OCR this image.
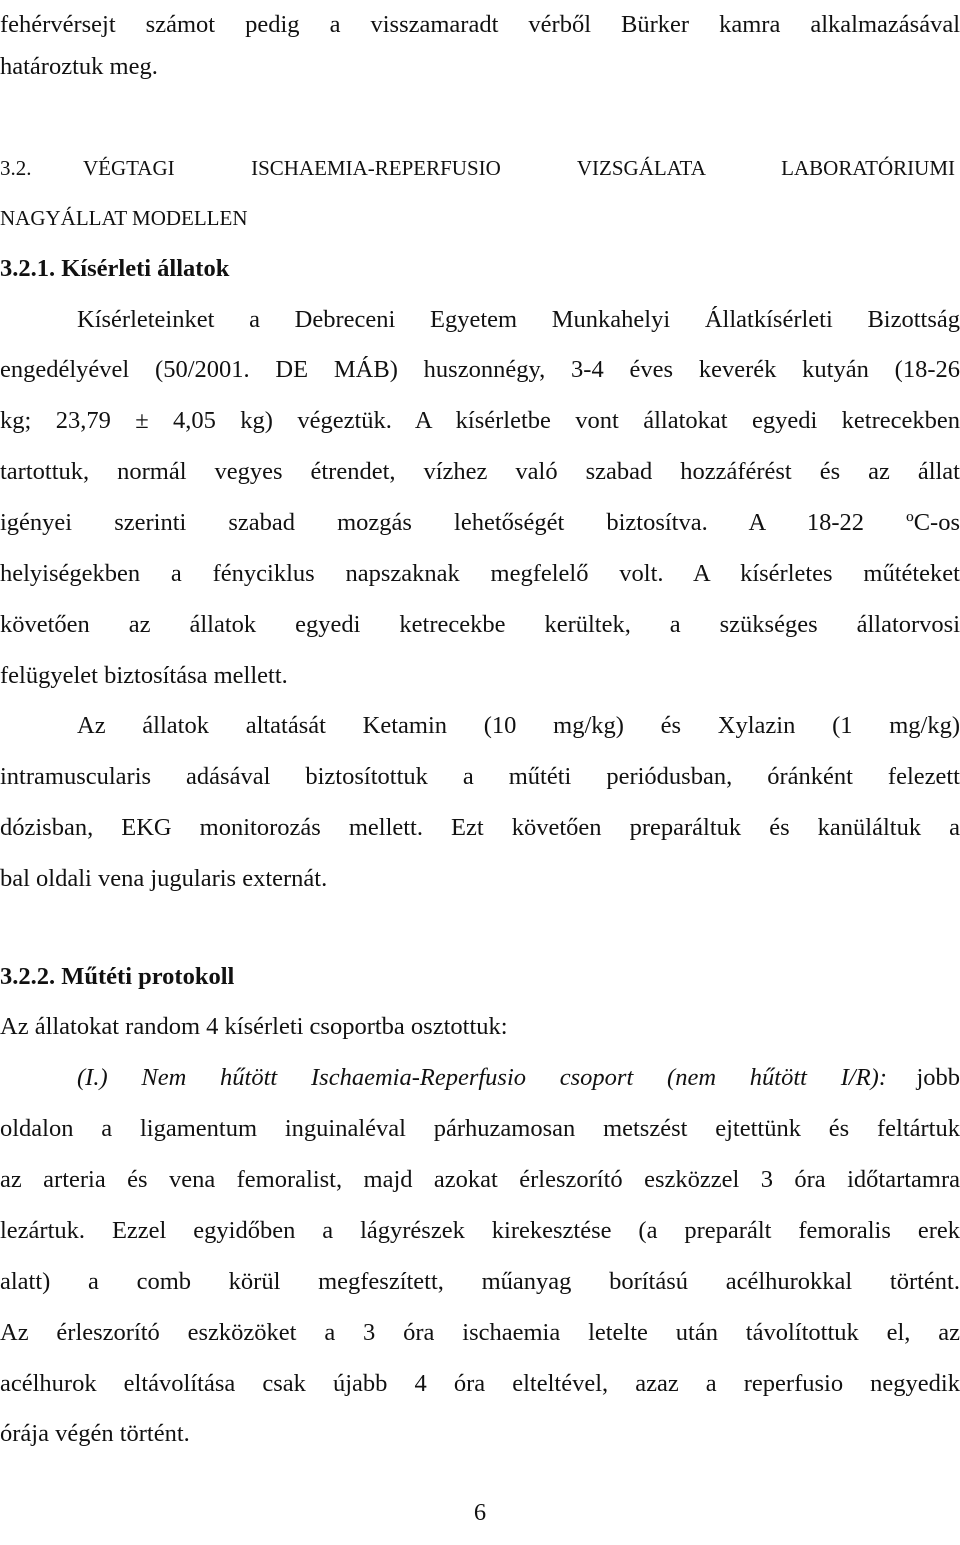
fehérvérsejt számot pedig a visszamaradt vérből Bürker kamra alkalmazásával
határoztuk meg.
3.2. VÉGTAGI ISCHAEMIA-REPERFUSIO VIZSGÁLATA LABORATÓRIUMI
NAGYÁLLAT MODELLEN
3.2.1. Kísérleti állatok
Kísérleteinket a Debreceni Egyetem Munkahelyi Állatkísérleti Bizottság
engedélyével (50/2001. DE MÁB) huszonnégy, 3-4 éves keverék kutyán (18-26
kg; 23,79 ± 4,05 kg) végeztük. A kísérletbe vont állatokat egyedi ketrecekben
tartottuk, normál vegyes étrendet, vízhez való szabad hozzáférést és az állat
igényei szerinti szabad mozgás lehetőségét biztosítva. A 18-22 ºC-os
helyiségekben a fényciklus napszaknak megfelelő volt. A kísérletes műtéteket
követően az állatok egyedi ketrecekbe kerültek, a szükséges állatorvosi
felügyelet biztosítása mellett.
Az állatok altatását Ketamin (10 mg/kg) és Xylazin (1 mg/kg)
intramuscularis adásával biztosítottuk a műtéti periódusban, óránként felezett
dózisban, EKG monitorozás mellett. Ezt követően preparáltuk és kanüláltuk a
bal oldali vena jugularis externát.
3.2.2. Műtéti protokoll
Az állatokat random 4 kísérleti csoportba osztottuk:
(I.) Nem hűtött Ischaemia-Reperfusio csoport (nem hűtött I/R): jobb
oldalon a ligamentum inguinaléval párhuzamosan metszést ejtettünk és feltártuk
az arteria és vena femoralist, majd azokat érleszorító eszközzel 3 óra időtartamra
lezártuk. Ezzel egyidőben a lágyrészek kirekesztése (a preparált femoralis erek
alatt) a comb körül megfeszített, műanyag borítású acélhurokkal történt.
Az érleszorító eszközöket a 3 óra ischaemia letelte után távolítottuk el, az
acélhurok eltávolítása csak újabb 4 óra elteltével, azaz a reperfusio negyedik
órája végén történt.
6
